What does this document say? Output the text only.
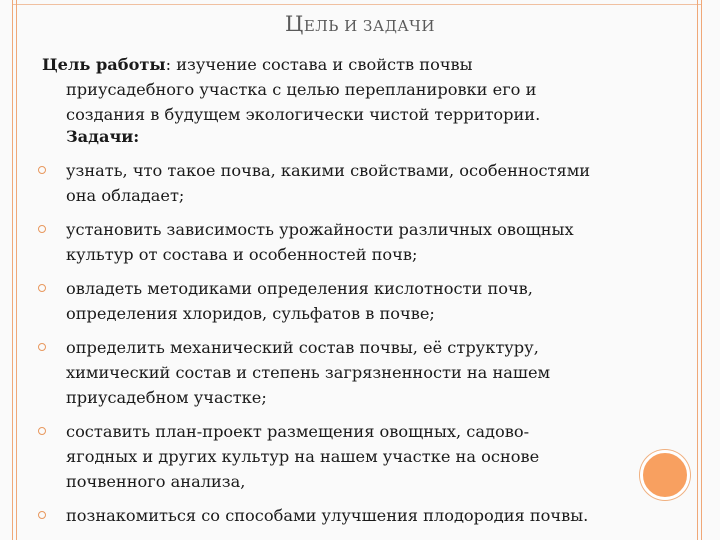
ЦЕЛЬ И ЗАДАЧИ
Цель работы: изучение состава и свойств почвы
приусадебного участка с целью перепланировки его и
создания в будущем экологически чистой территории.
Задачи:
узнать, что такое почва, какими свойствами, особенностями
она обладает;
установить зависимость урожайности различных овощных
культур от состава и особенностей почв;
овладеть методиками определения кислотности почв,
определения хлоридов, сульфатов в почве;
определить механический состав почвы, её структуру,
химический состав и степень загрязненности на нашем
приусадебном участке;
составить план-проект размещения овощных, садово-
ягодных и других культур на нашем участке на основе
почвенного анализа,
познакомиться со способами улучшения плодородия почвы.
